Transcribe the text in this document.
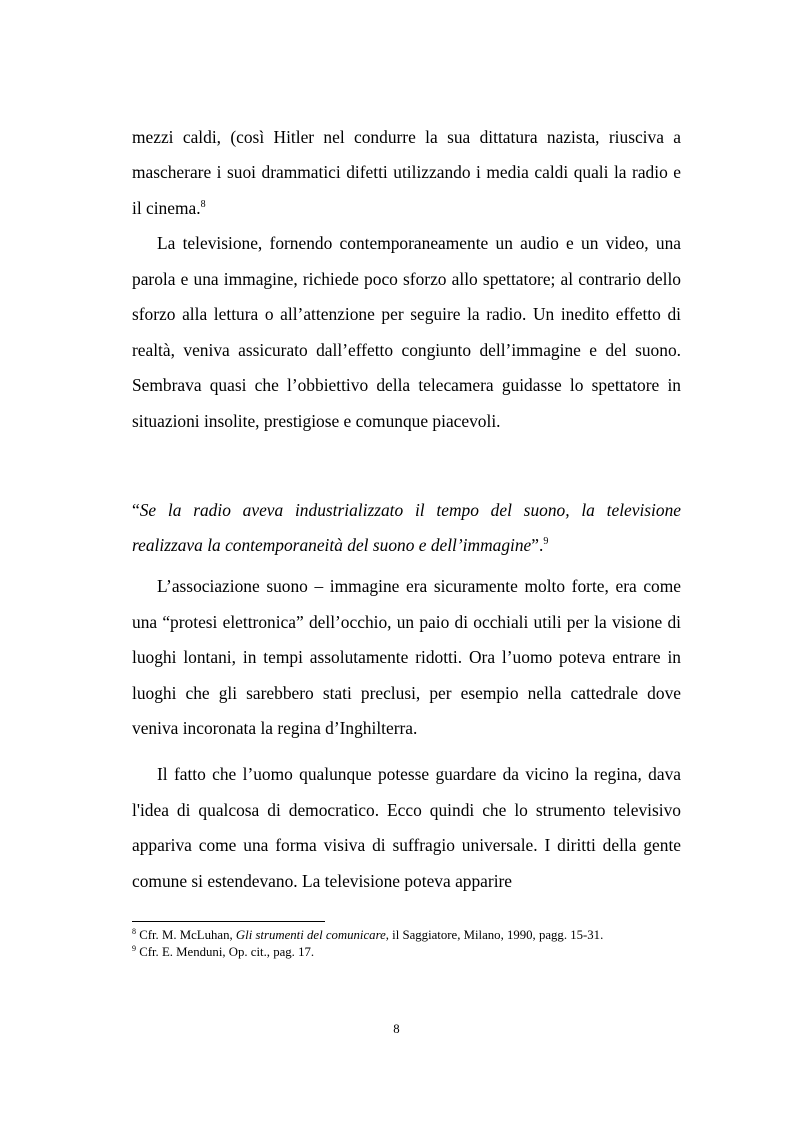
mezzi caldi, (così Hitler nel condurre la sua dittatura nazista, riusciva a mascherare i suoi drammatici difetti utilizzando i media caldi quali la radio e il cinema.$^8$

La televisione, fornendo contemporaneamente un audio e un video, una parola e una immagine, richiede poco sforzo allo spettatore; al contrario dello sforzo alla lettura o all’attenzione per seguire la radio. Un inedito effetto di realtà, veniva assicurato dall’effetto congiunto dell’immagine e del suono. Sembrava quasi che l’obbiettivo della telecamera guidasse lo spettatore in situazioni insolite, prestigiose e comunque piacevoli.

“Se la radio aveva industrializzato il tempo del suono, la televisione realizzava la contemporaneità del suono e dell’immagine”.$^9$

L’associazione suono – immagine era sicuramente molto forte, era come una “protesi elettronica” dell’occhio, un paio di occhiali utili per la visione di luoghi lontani, in tempi assolutamente ridotti. Ora l’uomo poteva entrare in luoghi che gli sarebbero stati preclusi, per esempio nella cattedrale dove veniva incoronata la regina d’Inghilterra.

Il fatto che l’uomo qualunque potesse guardare da vicino la regina, dava l'idea di qualcosa di democratico. Ecco quindi che lo strumento televisivo appariva come una forma visiva di suffragio universale. I diritti della gente comune si estendevano. La televisione poteva apparire

$^8$ Cfr. M. McLuhan, Gli strumenti del comunicare, il Saggiatore, Milano, 1990, pagg. 15-31.

$^9$ Cfr. E. Menduni, Op. cit., pag. 17.

8
